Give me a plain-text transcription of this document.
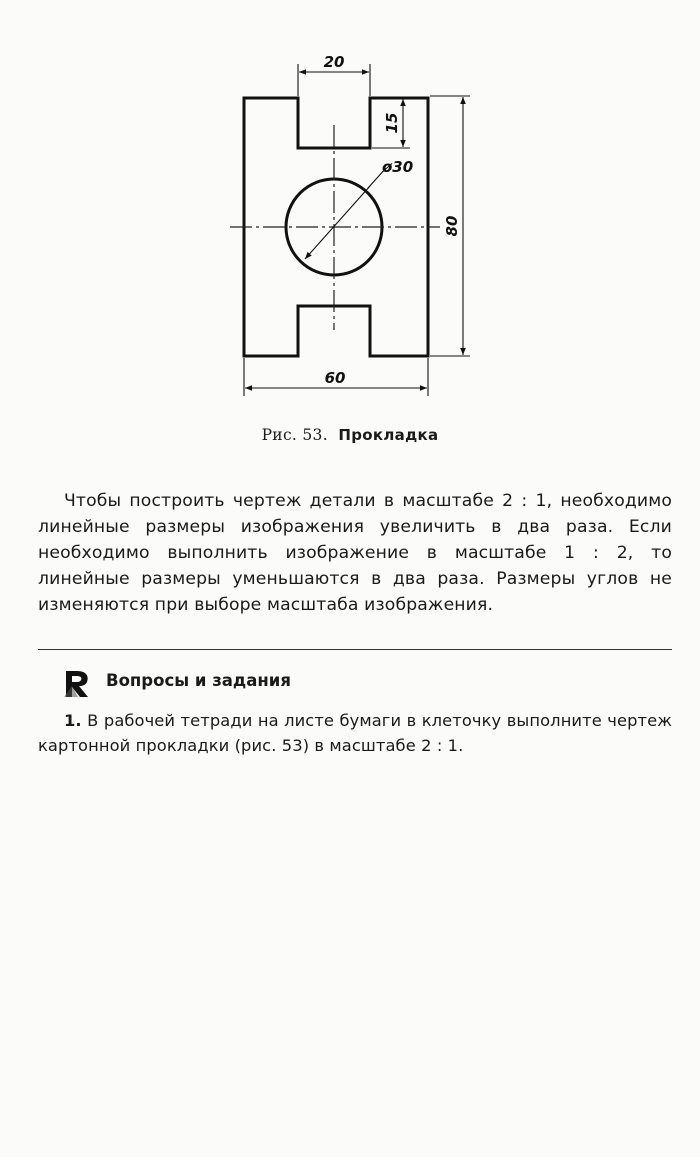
20
15
ø30
80
60
Рис. 53. Прокладка

Чтобы построить чертеж детали в масштабе 2 : 1, необходимо линейные размеры изображения увеличить в два раза. Если необходимо выполнить изображение в масштабе 1 : 2, то линейные размеры уменьшаются в два раза. Размеры углов не изменяются при выборе масштаба изображения.

Вопросы и задания
1. В рабочей тетради на листе бумаги в клеточку выполните чертеж картонной прокладки (рис. 53) в масштабе 2 : 1.
